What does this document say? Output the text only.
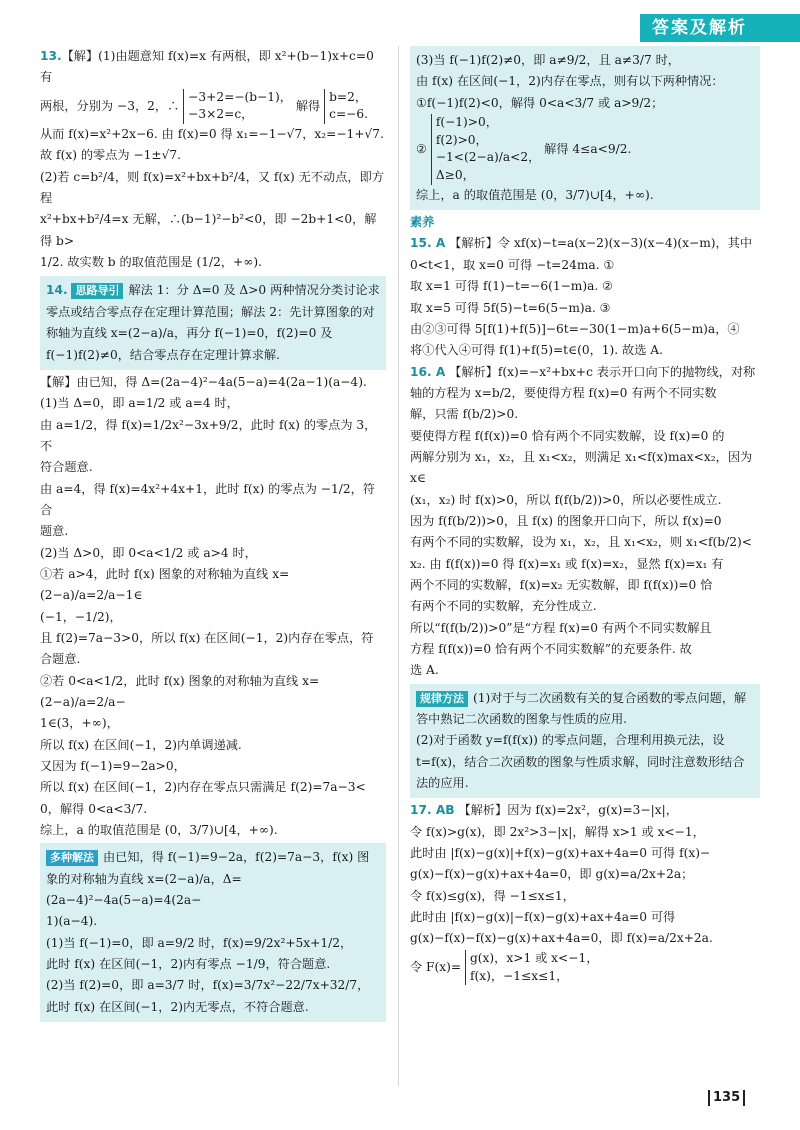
答案及解析

13.【解】(1)由题意知 f(x)=x 有两根，即 x²+(b−1)x+c=0 有

两根，分别为 −3，2，∴ −3+2=−(b−1)，
−3×2=c， 解得 b=2，
c=−6.

从而 f(x)=x²+2x−6. 由 f(x)=0 得 x₁=−1−√7，x₂=−1+√7.

故 f(x) 的零点为 −1±√7.

(2)若 c=b²/4，则 f(x)=x²+bx+b²/4，又 f(x) 无不动点，即方程

x²+bx+b²/4=x 无解，∴(b−1)²−b²<0，即 −2b+1<0，解得 b>

1/2. 故实数 b 的取值范围是 (1/2，+∞).

14. 思路导引 解法 1：分 Δ=0 及 Δ>0 两种情况分类讨论求零点或结合零点存在定理计算范围；解法 2：先计算图象的对称轴为直线 x=(2−a)/a，再分 f(−1)=0，f(2)=0 及 f(−1)f(2)≠0，结合零点存在定理计算求解.

【解】由已知，得 Δ=(2a−4)²−4a(5−a)=4(2a−1)(a−4).

(1)当 Δ=0，即 a=1/2 或 a=4 时，

由 a=1/2，得 f(x)=1/2x²−3x+9/2，此时 f(x) 的零点为 3，不

符合题意.

由 a=4，得 f(x)=4x²+4x+1，此时 f(x) 的零点为 −1/2，符合

题意.

(2)当 Δ>0，即 0<a<1/2 或 a>4 时，

①若 a>4，此时 f(x) 图象的对称轴为直线 x=(2−a)/a=2/a−1∈

(−1，−1/2)，

且 f(2)=7a−3>0，所以 f(x) 在区间(−1，2)内存在零点，符

合题意.

②若 0<a<1/2，此时 f(x) 图象的对称轴为直线 x=(2−a)/a=2/a−

1∈(3，+∞)，

所以 f(x) 在区间(−1，2)内单调递减.

又因为 f(−1)=9−2a>0，

所以 f(x) 在区间(−1，2)内存在零点只需满足 f(2)=7a−3<

0，解得 0<a<3/7.

综上，a 的取值范围是 (0，3/7)∪[4，+∞).

多种解法 由已知，得 f(−1)=9−2a，f(2)=7a−3，f(x) 图

象的对称轴为直线 x=(2−a)/a，Δ=(2a−4)²−4a(5−a)=4(2a−

1)(a−4).

(1)当 f(−1)=0，即 a=9/2 时，f(x)=9/2x²+5x+1/2，

此时 f(x) 在区间(−1，2)内有零点 −1/9，符合题意.

(2)当 f(2)=0，即 a=3/7 时，f(x)=3/7x²−22/7x+32/7，

此时 f(x) 在区间(−1，2)内无零点，不符合题意.

(3)当 f(−1)f(2)≠0，即 a≠9/2，且 a≠3/7 时，

由 f(x) 在区间(−1，2)内存在零点，则有以下两种情况：

①f(−1)f(2)<0，解得 0<a<3/7 或 a>9/2；

② f(−1)>0，
f(2)>0，
−1<(2−a)/a<2，
Δ≥0， 解得 4≤a<9/2.

综上，a 的取值范围是 (0，3/7)∪[4，+∞).

素养

15. A 【解析】令 xf(x)−t=a(x−2)(x−3)(x−4)(x−m)，其中

0<t<1，取 x=0 可得 −t=24ma. ①

取 x=1 可得 f(1)−t=−6(1−m)a. ②

取 x=5 可得 5f(5)−t=6(5−m)a. ③

由②③可得 5[f(1)+f(5)]−6t=−30(1−m)a+6(5−m)a，④

将①代入④可得 f(1)+f(5)=t∈(0，1). 故选 A.

16. A 【解析】f(x)=−x²+bx+c 表示开口向下的抛物线，对称

轴的方程为 x=b/2，要使得方程 f(x)=0 有两个不同实数

解，只需 f(b/2)>0.

要使得方程 f(f(x))=0 恰有两个不同实数解，设 f(x)=0 的

两解分别为 x₁，x₂，且 x₁<x₂，则满足 x₁<f(x)max<x₂，因为 x∈

(x₁，x₂) 时 f(x)>0，所以 f(f(b/2))>0，所以必要性成立.

因为 f(f(b/2))>0，且 f(x) 的图象开口向下，所以 f(x)=0

有两个不同的实数解，设为 x₁，x₂，且 x₁<x₂，则 x₁<f(b/2)<

x₂. 由 f(f(x))=0 得 f(x)=x₁ 或 f(x)=x₂，显然 f(x)=x₁ 有

两个不同的实数解，f(x)=x₂ 无实数解，即 f(f(x))=0 恰

有两个不同的实数解，充分性成立.

所以“f(f(b/2))>0”是“方程 f(x)=0 有两个不同实数解且

方程 f(f(x))=0 恰有两个不同实数解”的充要条件. 故

选 A.

规律方法 (1)对于与二次函数有关的复合函数的零点问题，解答中熟记二次函数的图象与性质的应用.

(2)对于函数 y=f(f(x)) 的零点问题，合理利用换元法，设 t=f(x)，结合二次函数的图象与性质求解，同时注意数形结合法的应用.

17. AB 【解析】因为 f(x)=2x²，g(x)=3−|x|，

令 f(x)>g(x)，即 2x²>3−|x|，解得 x>1 或 x<−1，

此时由 |f(x)−g(x)|+f(x)−g(x)+ax+4a=0 可得 f(x)−

g(x)−f(x)−g(x)+ax+4a=0，即 g(x)=a/2x+2a；

令 f(x)≤g(x)，得 −1≤x≤1，

此时由 |f(x)−g(x)|−f(x)−g(x)+ax+4a=0 可得

g(x)−f(x)−f(x)−g(x)+ax+4a=0，即 f(x)=a/2x+2a.

令 F(x)= g(x)，x>1 或 x<−1，
f(x)，−1≤x≤1，

135
